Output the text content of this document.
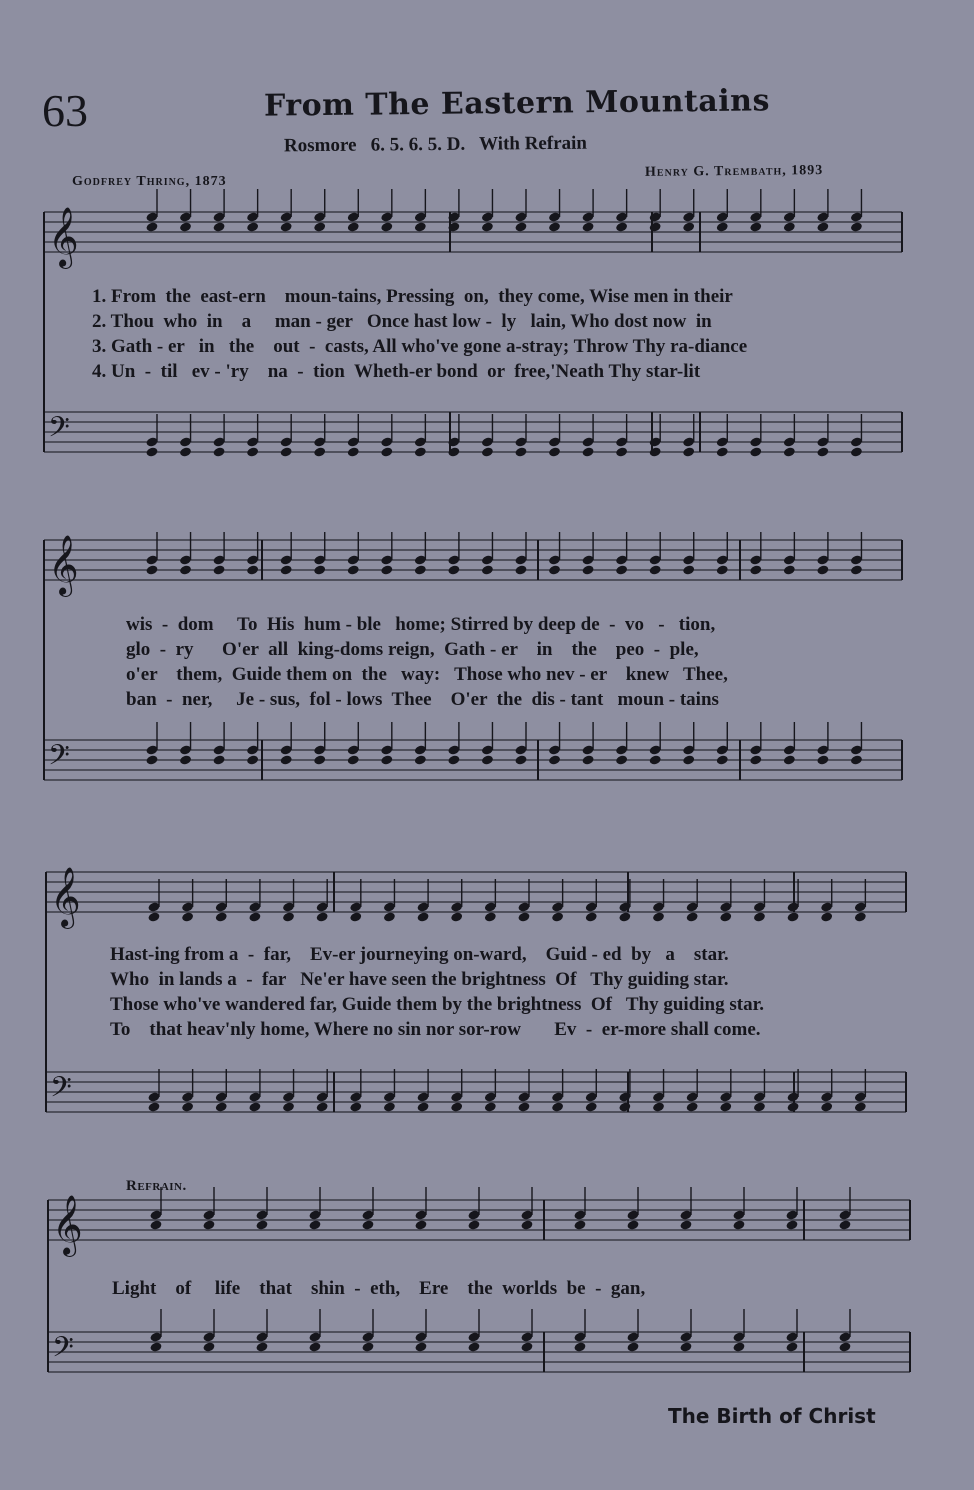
63	From The Eastern Mountains
Rosmore   6. 5. 6. 5. D.   With Refrain
Godfrey Thring, 1873
Henry G. Trembath, 1893
𝄞
𝄢
𝄞
𝄢
𝄞
𝄢
𝄞
𝄢
1. From  the  east-ern    moun-tains, Pressing  on,  they come, Wise men in their
2. Thou  who  in    a     man - ger   Once hast low -  ly   lain, Who dost now  in
3. Gath - er   in   the    out  -  casts, All who've gone a-stray; Throw Thy ra-diance
4. Un  -  til   ev - 'ry    na  -  tion  Wheth-er bond  or  free,'Neath Thy star-lit
wis  -  dom     To  His  hum - ble   home; Stirred by deep de  -  vo   -   tion,
glo  -  ry      O'er  all  king-doms reign,  Gath - er    in    the    peo  -  ple,
o'er    them,  Guide them on  the   way:   Those who nev - er    knew   Thee,
ban  -  ner,     Je - sus,  fol - lows  Thee    O'er  the  dis - tant   moun - tains
Hast-ing from a  -  far,    Ev-er journeying on-ward,    Guid - ed  by   a    star.
Who  in lands a  -  far   Ne'er have seen the brightness  Of   Thy guiding star.
Those who've wandered far, Guide them by the brightness  Of   Thy guiding star.
To    that heav'nly home, Where no sin nor sor-row       Ev  -  er-more shall come.
Refrain.
Light    of     life    that    shin  -  eth,    Ere    the  worlds  be  -  gan,
The Birth of Christ
